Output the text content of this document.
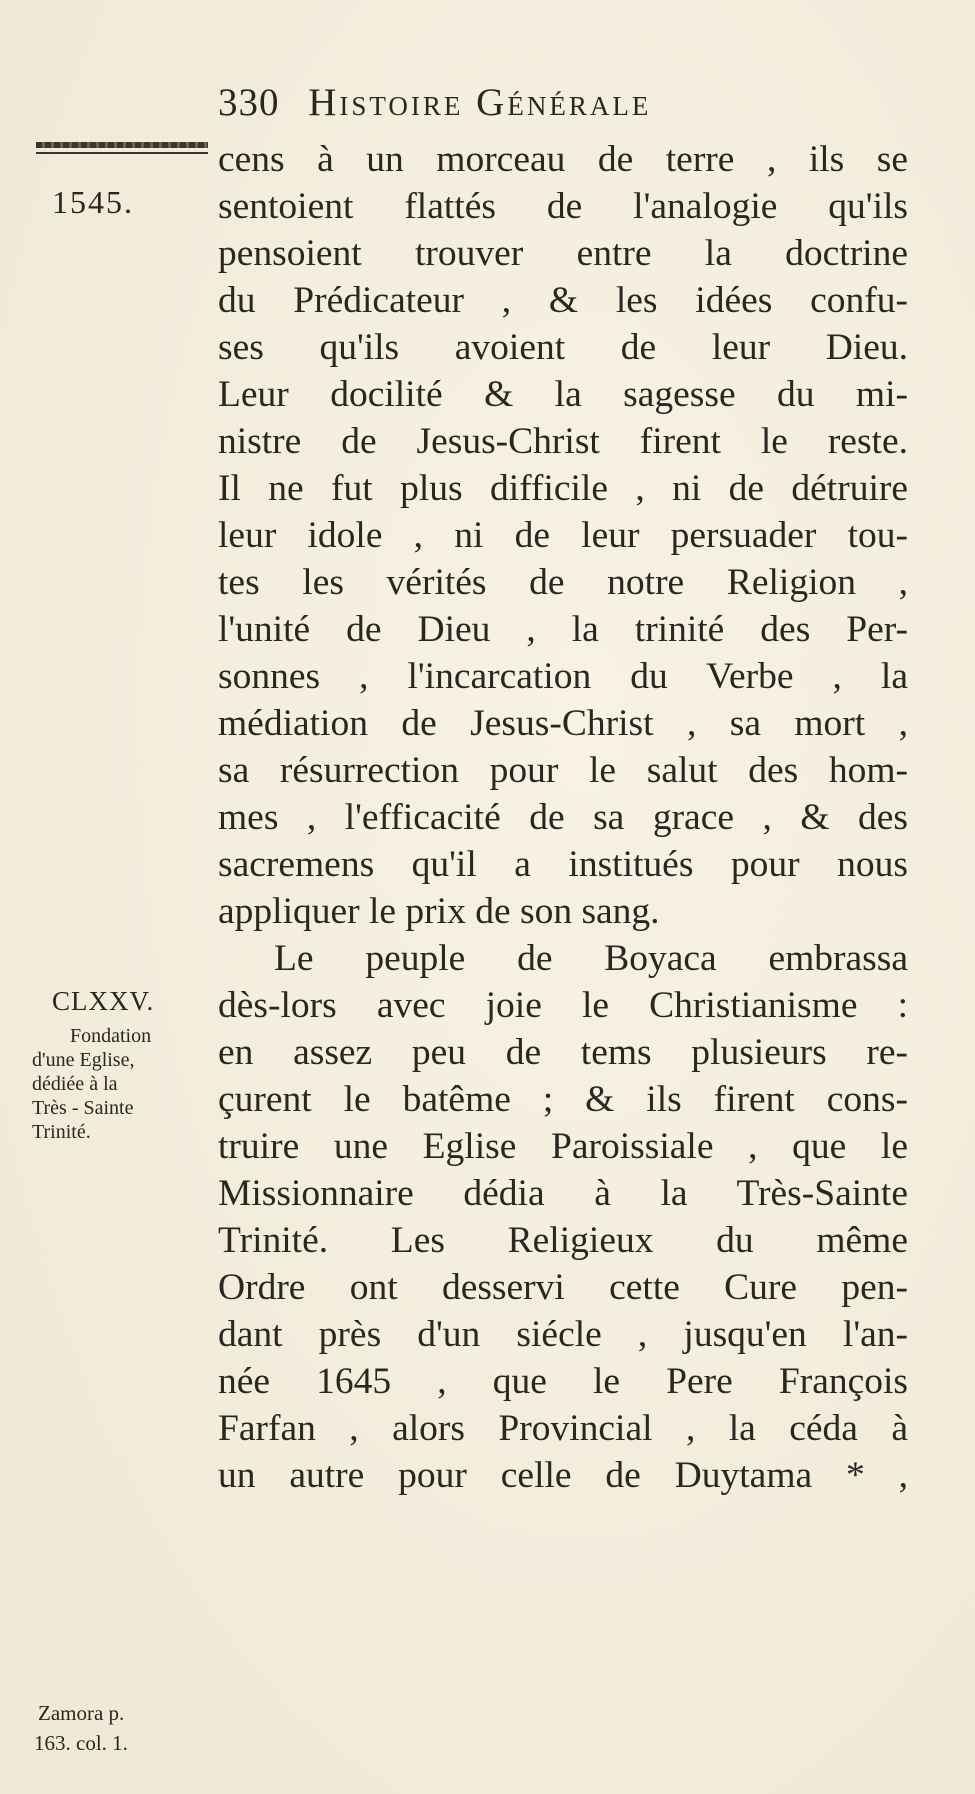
330 Histoire Générale
1545.
cens à un morceau de terre , ils se
sentoient flattés de l'analogie qu'ils
pensoient trouver entre la doctrine
du Prédicateur , & les idées confu-
ses qu'ils avoient de leur Dieu.
Leur docilité & la sagesse du mi-
nistre de Jesus-Christ firent le reste.
Il ne fut plus difficile , ni de détruire
leur idole , ni de leur persuader tou-
tes les vérités de notre Religion ,
l'unité de Dieu , la trinité des Per-
sonnes , l'incarcation du Verbe , la
médiation de Jesus-Christ , sa mort ,
sa résurrection pour le salut des hom-
mes , l'efficacité de sa grace , & des
sacremens qu'il a institués pour nous
appliquer le prix de son sang.
Le peuple de Boyaca embrassa
dès-lors avec joie le Christianisme :
en assez peu de tems plusieurs re-
çurent le batême ; & ils firent cons-
truire une Eglise Paroissiale , que le
Missionnaire dédia à la Très-Sainte
Trinité. Les Religieux du même
Ordre ont desservi cette Cure pen-
dant près d'un siécle , jusqu'en l'an-
née 1645 , que le Pere François
Farfan , alors Provincial , la céda à
un autre pour celle de Duytama * ,
CLXXV.
Fondation
d'une Eglise,
dédiée à la
Très - Sainte
Trinité.
Zamora p.
163. col. 1.
